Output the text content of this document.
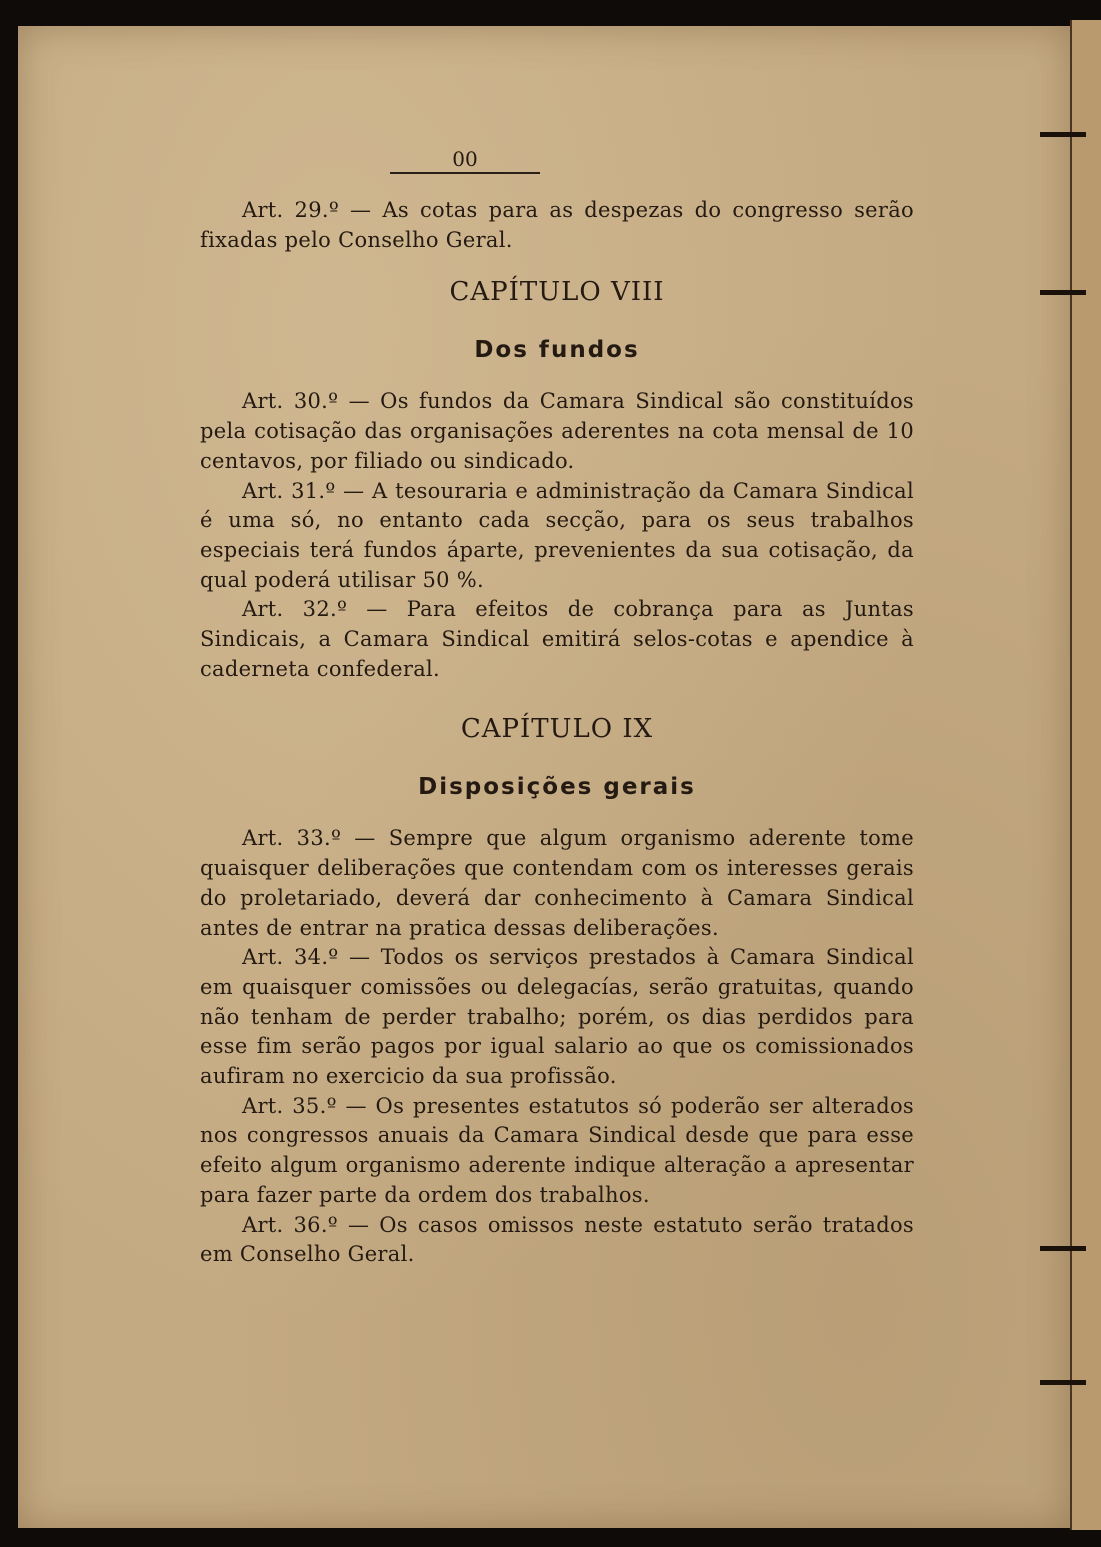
00

Art. 29.º — As cotas para as despezas do congresso serão fixadas pelo Conselho Geral.

CAPÍTULO VIII
Dos fundos

Art. 30.º — Os fundos da Camara Sindical são constituídos pela cotisação das organisações aderentes na cota mensal de 10 centavos, por filiado ou sindicado.

Art. 31.º — A tesouraria e administração da Camara Sindical é uma só, no entanto cada secção, para os seus trabalhos especiais terá fundos áparte, prevenientes da sua cotisação, da qual poderá utilisar 50 %.

Art. 32.º — Para efeitos de cobrança para as Juntas Sindicais, a Camara Sindical emitirá selos-cotas e apendice à caderneta confederal.

CAPÍTULO IX
Disposições gerais

Art. 33.º — Sempre que algum organismo aderente tome quaisquer deliberações que contendam com os interesses gerais do proletariado, deverá dar conhecimento à Camara Sindical antes de entrar na pratica dessas deliberações.

Art. 34.º — Todos os serviços prestados à Camara Sindical em quaisquer comissões ou delegacías, serão gratuitas, quando não tenham de perder trabalho; porém, os dias perdidos para esse fim serão pagos por igual salario ao que os comissionados aufiram no exercicio da sua profissão.

Art. 35.º — Os presentes estatutos só poderão ser alterados nos congressos anuais da Camara Sindical desde que para esse efeito algum organismo aderente indique alteração a apresentar para fazer parte da ordem dos trabalhos.

Art. 36.º — Os casos omissos neste estatuto serão tratados em Conselho Geral.
